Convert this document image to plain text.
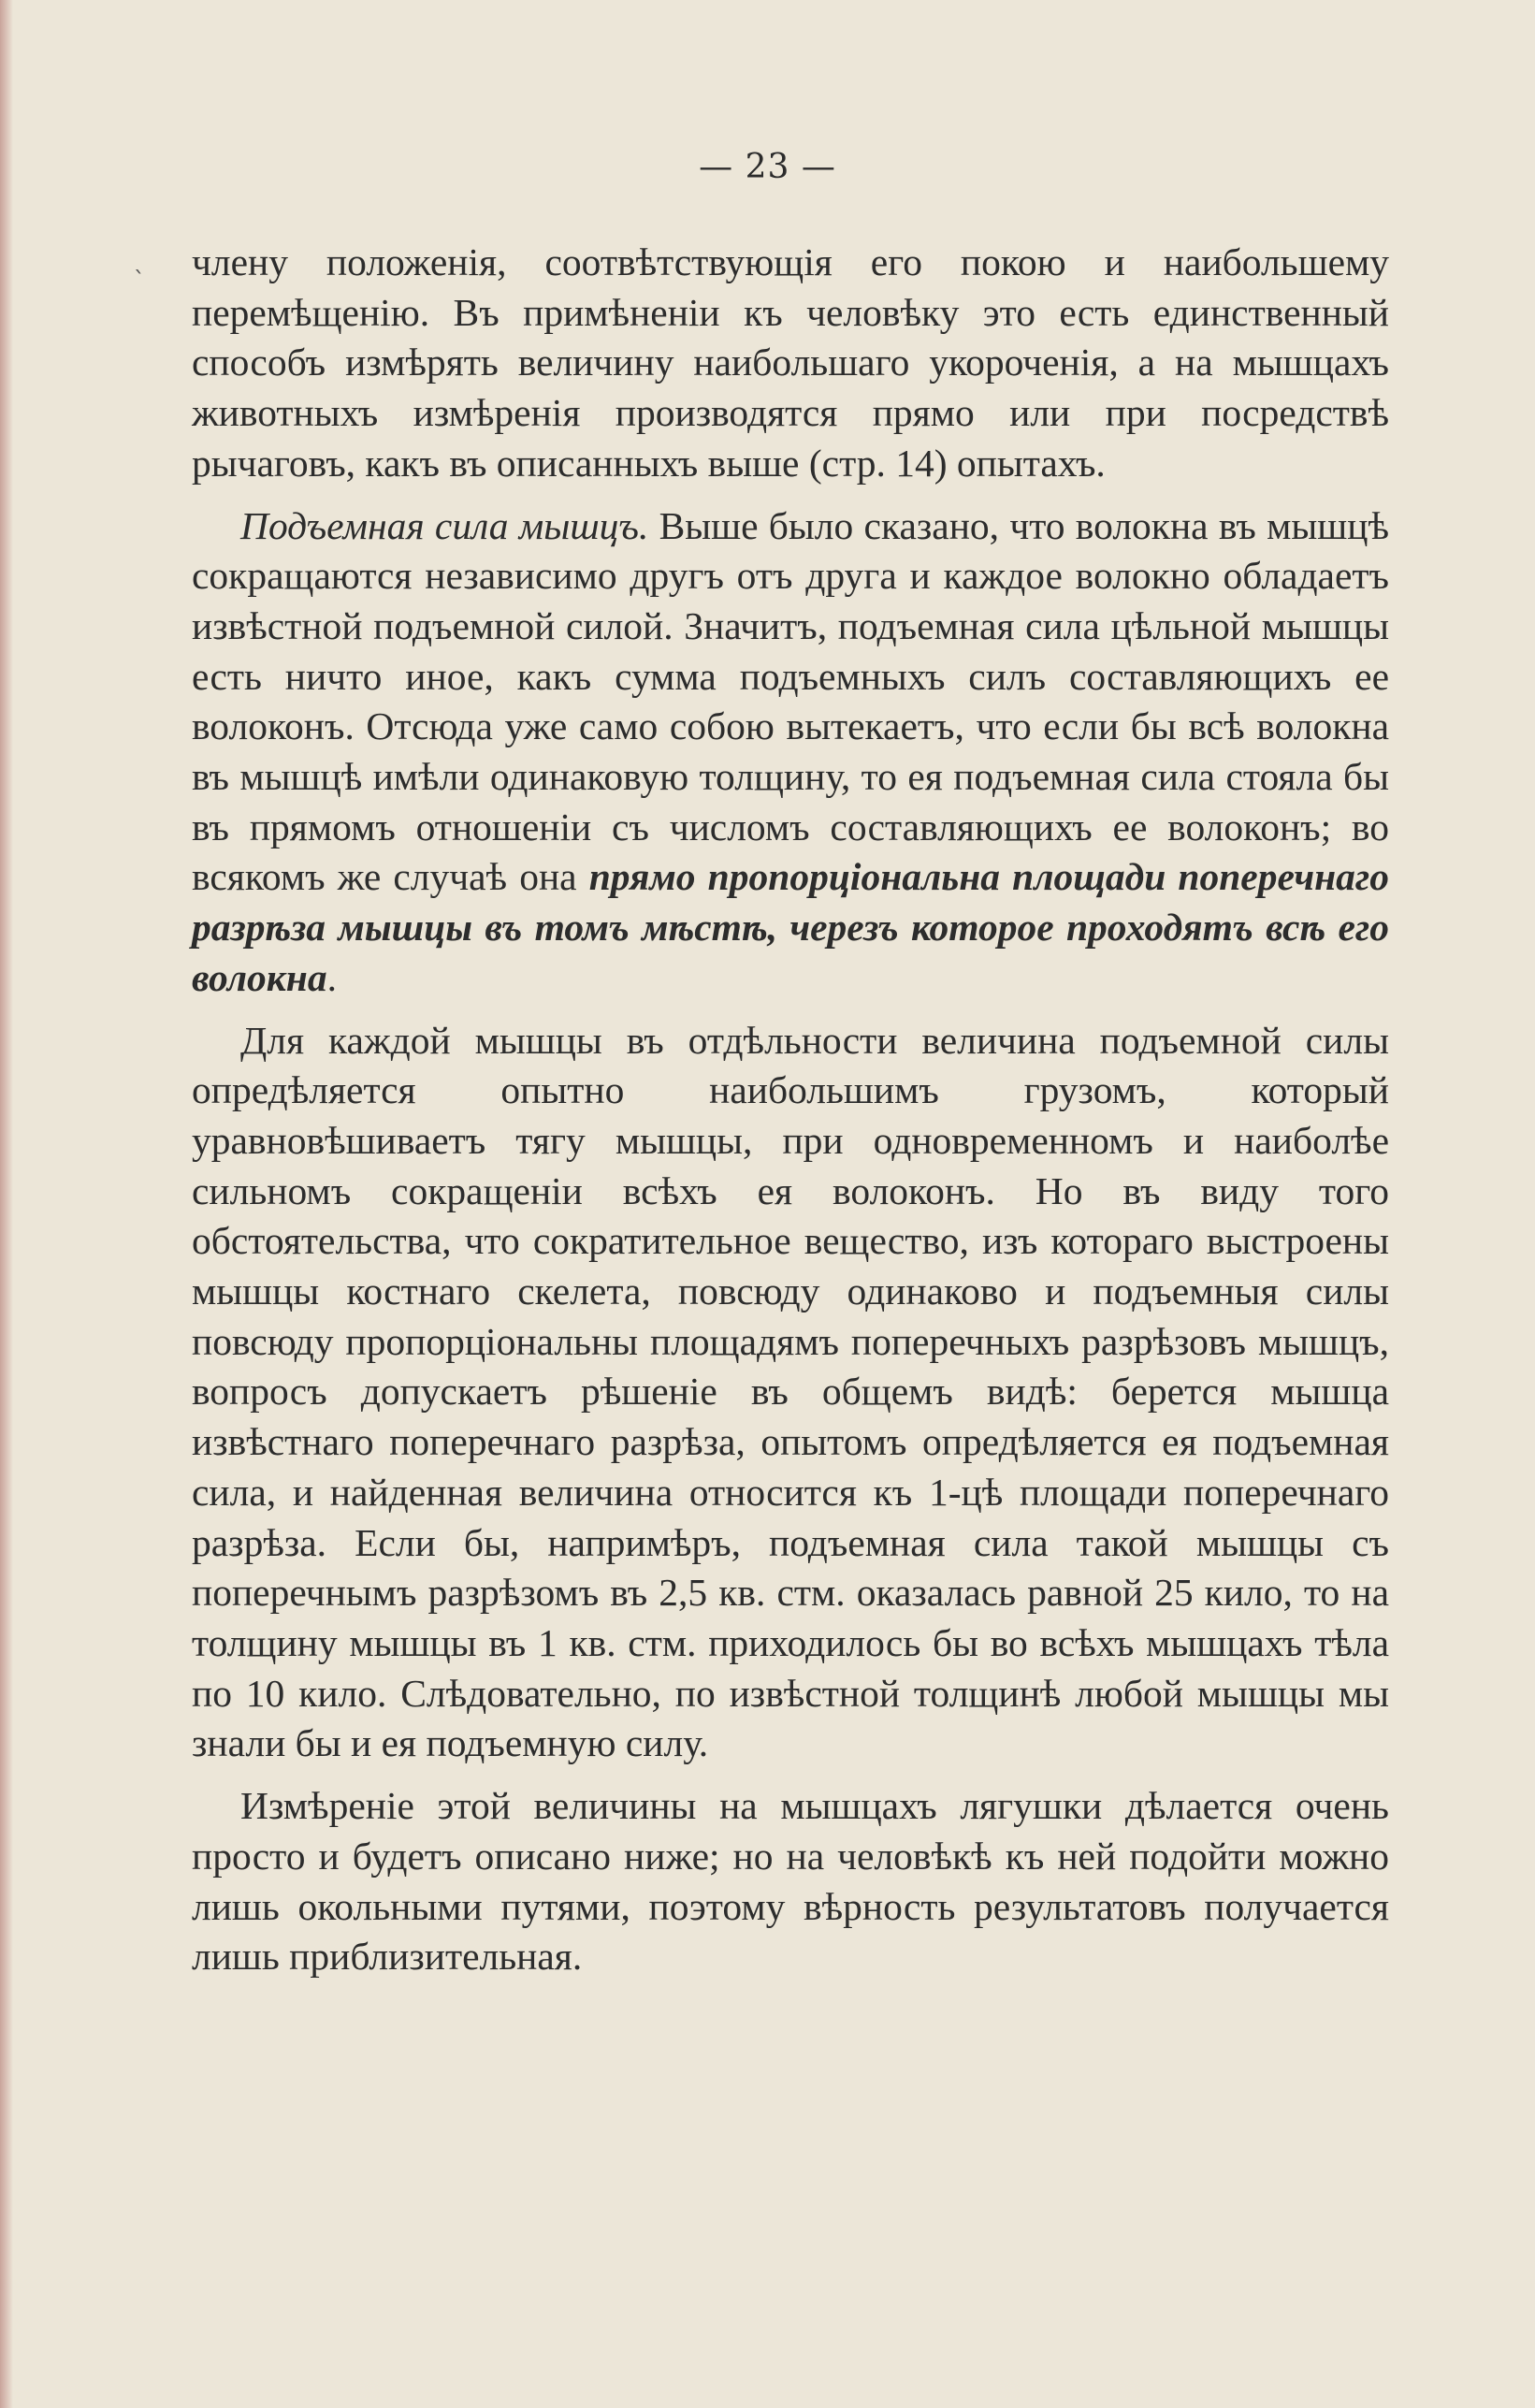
ˎ
— 23 —

члену положенія, соотвѣтствующія его покою и наибольшему перемѣщенію. Въ примѣненіи къ человѣку это есть единственный способъ измѣрять величину наибольшаго укороченія, а на мышцахъ животныхъ измѣренія производятся прямо или при посредствѣ рычаговъ, какъ въ описанныхъ выше (стр. 14) опытахъ.

Подъемная сила мышцъ. Выше было сказано, что волокна въ мышцѣ сокращаются независимо другъ отъ друга и каждое волокно обладаетъ извѣстной подъемной силой. Значитъ, подъемная сила цѣльной мышцы есть ничто иное, какъ сумма подъемныхъ силъ составляющихъ ее волоконъ. Отсюда уже само собою вытекаетъ, что если бы всѣ волокна въ мышцѣ имѣли одинаковую толщину, то ея подъемная сила стояла бы въ прямомъ отношеніи съ числомъ составляющихъ ее волоконъ; во всякомъ же случаѣ она прямо пропорціональна площади поперечнаго разрѣза мышцы въ томъ мѣстѣ, черезъ которое проходятъ всѣ его волокна.

Для каждой мышцы въ отдѣльности величина подъемной силы опредѣляется опытно наибольшимъ грузомъ, который уравновѣшиваетъ тягу мышцы, при одновременномъ и наиболѣе сильномъ сокращеніи всѣхъ ея волоконъ. Но въ виду того обстоятельства, что сократительное вещество, изъ котораго выстроены мышцы костнаго скелета, повсюду одинаково и подъемныя силы повсюду пропорціональны площадямъ поперечныхъ разрѣзовъ мышцъ, вопросъ допускаетъ рѣшеніе въ общемъ видѣ: берется мышца извѣстнаго поперечнаго разрѣза, опытомъ опредѣляется ея подъемная сила, и найденная величина относится къ 1-цѣ площади поперечнаго разрѣза. Если бы, напримѣръ, подъемная сила такой мышцы съ поперечнымъ разрѣзомъ въ 2,5 кв. стм. оказалась равной 25 кило, то на толщину мышцы въ 1 кв. стм. приходилось бы во всѣхъ мышцахъ тѣла по 10 кило. Слѣдовательно, по извѣстной толщинѣ любой мышцы мы знали бы и ея подъемную силу.

Измѣреніе этой величины на мышцахъ лягушки дѣлается очень просто и будетъ описано ниже; но на человѣкѣ къ ней подойти можно лишь окольными путями, поэтому вѣрность результатовъ получается лишь приблизительная.
